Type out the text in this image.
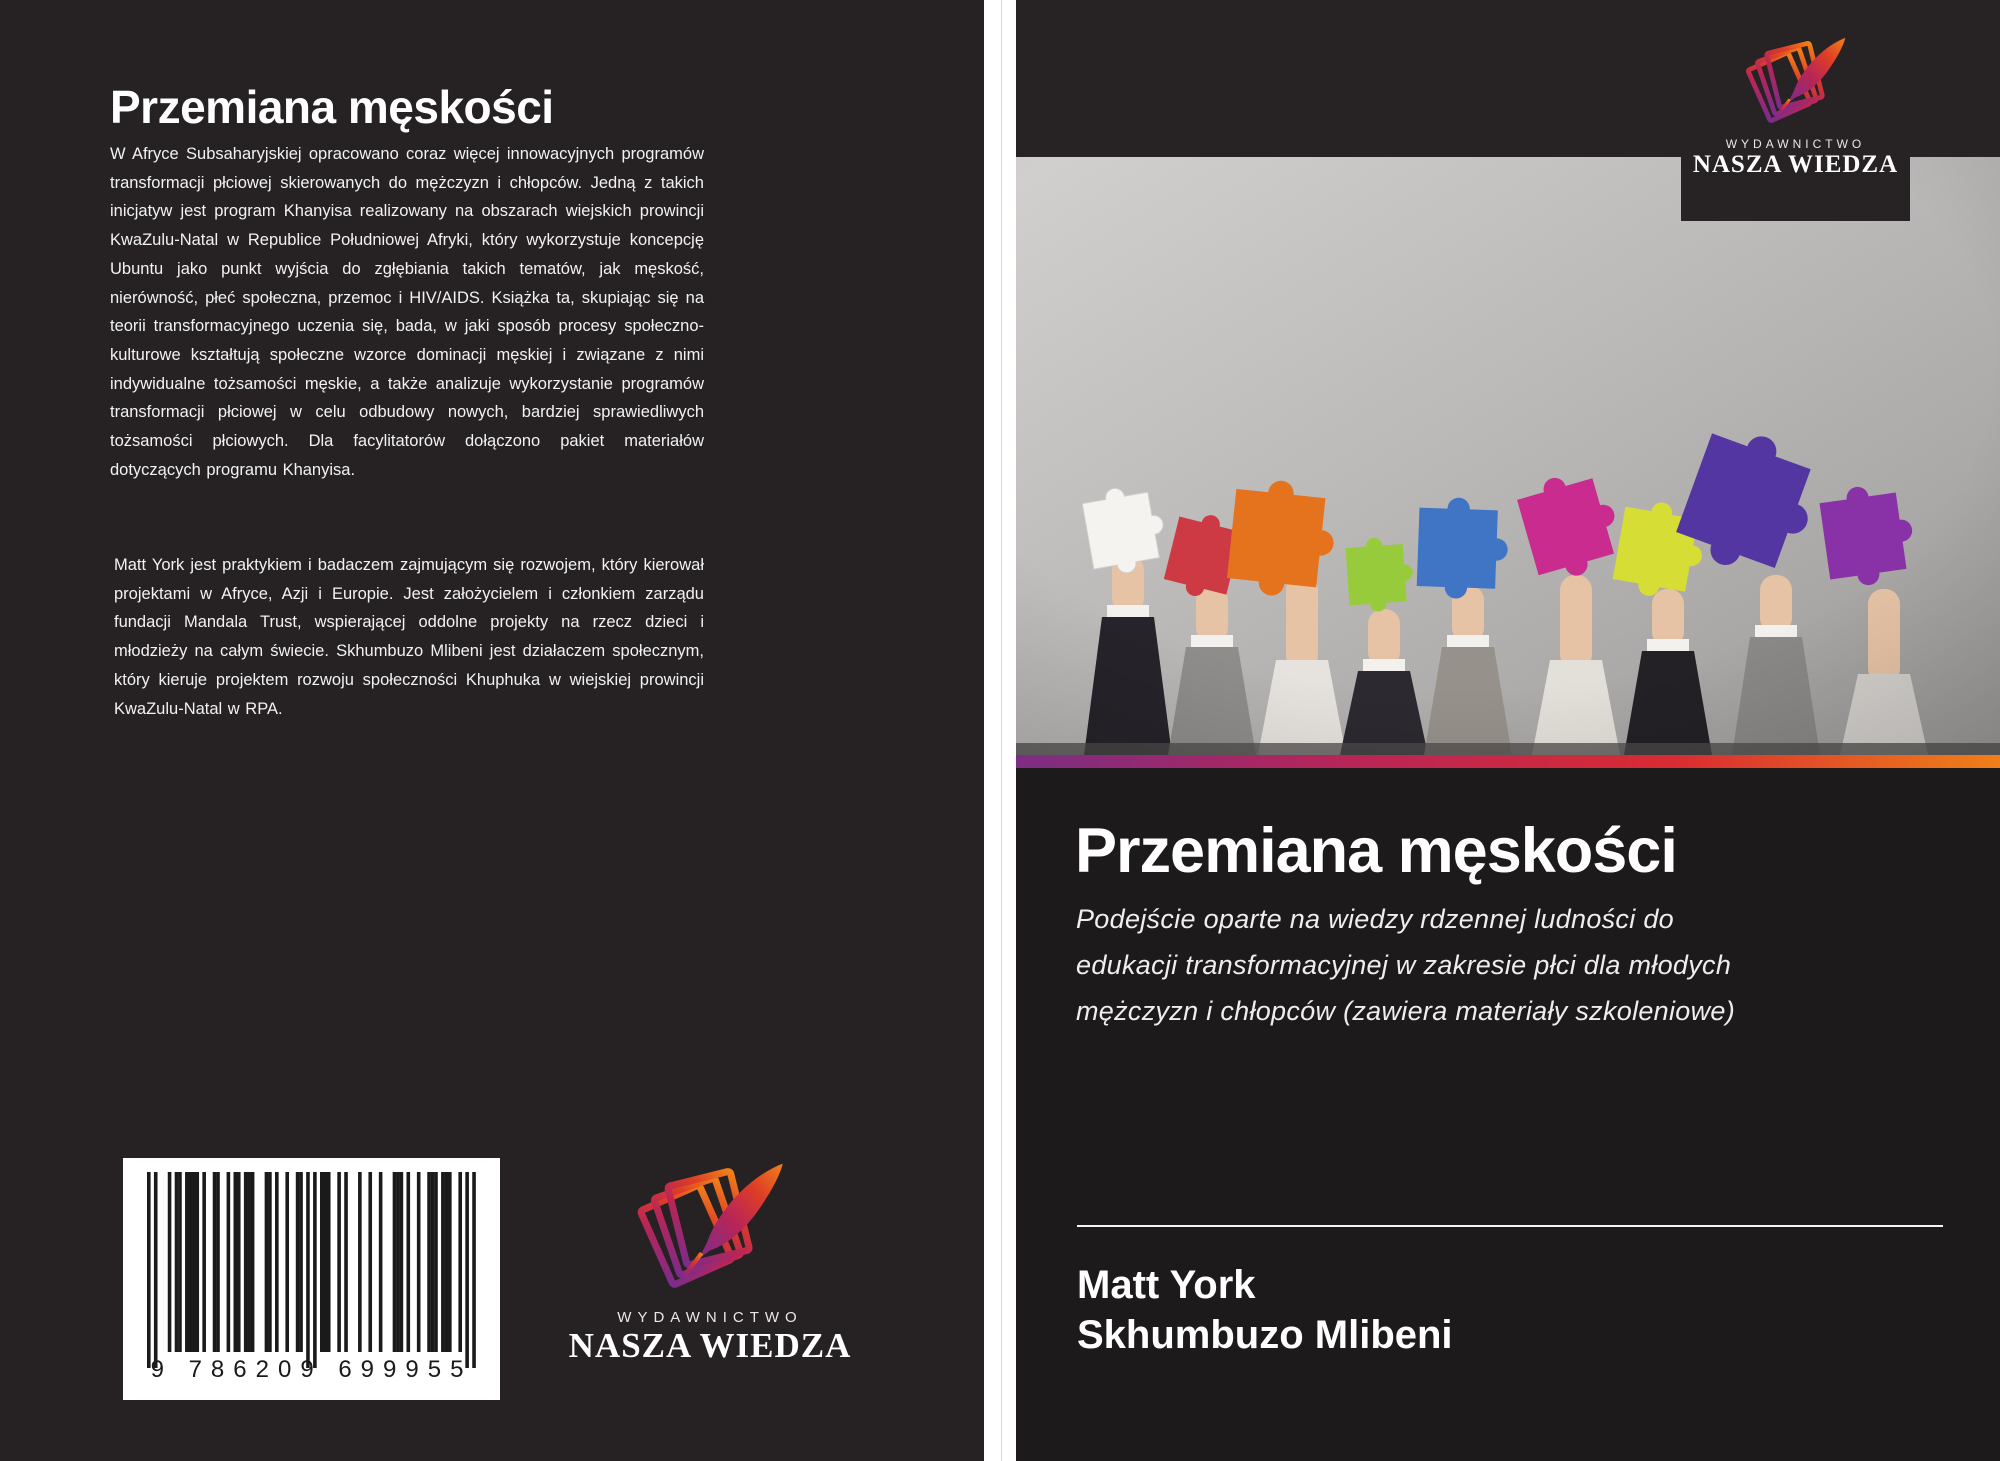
Przemiana męskości

W Afryce Subsaharyjskiej opracowano coraz więcej innowacyjnych programów transformacji płciowej skierowanych do mężczyzn i chłopców. Jedną z takich inicjatyw jest program Khanyisa realizowany na obszarach wiejskich prowincji KwaZulu-Natal w Republice Południowej Afryki, który wykorzystuje koncepcję Ubuntu jako punkt wyjścia do zgłębiania takich tematów, jak męskość, nierówność, płeć społeczna, przemoc i HIV/AIDS. Książka ta, skupiając się na teorii transformacyjnego uczenia się, bada, w jaki sposób procesy społeczno-kulturowe kształtują społeczne wzorce dominacji męskiej i związane z nimi indywidualne tożsamości męskie, a także analizuje wykorzystanie programów transformacji płciowej w celu odbudowy nowych, bardziej sprawiedliwych tożsamości płciowych. Dla facylitatorów dołączono pakiet materiałów dotyczących programu Khanyisa.

Matt York jest praktykiem i badaczem zajmującym się rozwojem, który kierował projektami w Afryce, Azji i Europie. Jest założycielem i członkiem zarządu fundacji Mandala Trust, wspierającej oddolne projekty na rzecz dzieci i młodzieży na całym świecie. Skhumbuzo Mlibeni jest działaczem społecznym, który kieruje projektem rozwoju społeczności Khuphuka w wiejskiej prowincji KwaZulu-Natal w RPA.

9 786209 699955
WYDAWNICTWO
NASZA WIEDZA
WYDAWNICTWO
NASZA WIEDZA
Przemiana męskości
Podejście oparte na wiedzy rdzennej ludności do
edukacji transformacyjnej w zakresie płci dla młodych
mężczyzn i chłopców (zawiera materiały szkoleniowe)
Matt York
Skhumbuzo Mlibeni
